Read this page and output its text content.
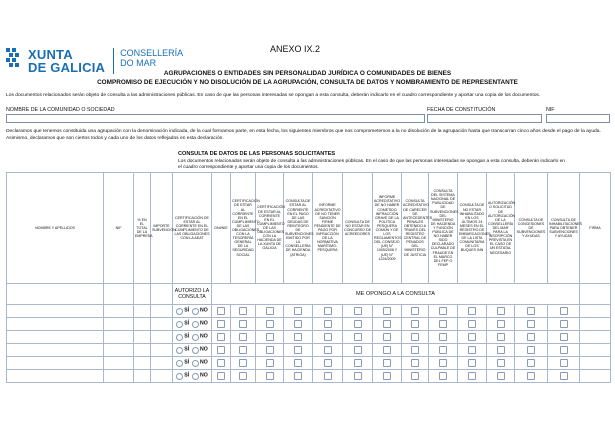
XUNTA
DE GALICIA
CONSELLERÍA
DO MAR
ANEXO IX.2
AGRUPACIONES O ENTIDADES SIN PERSONALIDAD JURÍDICA O COMUNIDADES DE BIENES
COMPROMISO DE EJECUCIÓN Y NO DISOLUCIÓN DE LA AGRUPACIÓN, CONSULTA DE DATOS Y NOMBRAMIENTO DE REPRESENTANTE
Los documentos relacionados serán objeto de consulta a las administraciones públicas. En caso de que las personas interesadas se opongan a esta consulta, deberán indicarlo en el cuadro correspondiente y aportar una copia de los documentos.
NOMBRE DE LA COMUNIDAD O SOCIEDAD	FECHA DE CONSTITUCIÓN	NIF
Declaramos que tenemos constituida una agrupación con la denominación indicada, de la cual formamos parte, en esta fecha, los siguientes miembros que nos comprometemos a la no disolución de la agrupación hasta que transcurran cinco años desde el pago de la ayuda. Asimismo, declaramos que son ciertos todos y cada uno de los datos reflejados en esta declaración.
CONSULTA DE DATOS DE LAS PERSONAS SOLICITANTES
Los documentos relacionados serán objeto de consulta a las administraciones públicas. En el caso de que las personas interesadas se opongan a esta consulta, deberán indicarlo en el cuadro correspondiente y aportar una copia de los documentos.
NOMBRE Y APELLIDOS	NIF	% EN EL TOTAL DE LA EMPRESA	IMPORTE SUBVENCIÓN	CERTIFICACIÓN DE ESTAR AL CORRIENTE EN EL CUMPLIMIENTO DE LAS OBLIGACIONES CON LA AEAT	DNI/NIE	CERTIFICACIÓN DE ESTAR AL CORRIENTE EN EL CUMPLIMIENTO DE LAS OBLIGACIONES CON LA TESORERÍA GENERAL DE LA SEGURIDAD SOCIAL	CERTIFICACIÓN DE ESTAR AL CORRIENTE EN EL CUMPLIMIENTO DE LAS OBLIGACIONES CON LA HACIENDA DE LA XUNTA DE GALICIA	CONSULTA DE ESTAR AL CORRIENTE EN EL PAGO DE LAS DEUDAS DE REINTEGRO DE SUBVENCIONES EMITIDO POR LA CONSELLERÍA DE HACIENDA (ATRIGA)	INFORME ACREDITATIVO DE NO TENER SANCIÓN FIRME PENDIENTE DE PAGO POR INFRACCIÓN DE LA NORMATIVA MARÍTIMO-PESQUERA	CONSULTA DE NO ESTAR EN CONCURSO DE ACREEDORES	INFORME ACREDITATIVO DE NO HABER COMETIDO INFRACCIÓN GRAVE DE LA POLÍTICA PESQUERA COMÚN Y DE LOS REGLAMENTOS DEL CONSEJO (UE) N° 1005/2008 Y (UE) N° 1224/2009	CONSULTA ACREDITATIVO DE CARECER DE ANTECEDENTES PENALES OBTENIDO A TRAVÉS DEL REGISTRO CENTRAL DE PENADOS DEL MINISTERIO DE JUSTICIA	CONSULTA DEL SISTEMA NACIONAL DE PUBLICIDAD DE SUBVENCIONES DEL MINISTERIO DE HACIENDA Y FUNCIÓN PÚBLICA DE NO HABER SIDO DECLARADO CULPABLE DE FRAUDE EN EL MARCO DEL FEP O FEMP	CONSULTA DE NO ESTAR INHABILITADO EN LOS ÚLTIMOS 24 MESES EN EL REGISTRO DE EMBARCACIONES DE LA LISTA COMUNITARIA DE LOS BUQUES INN	AUTORIZACIÓN O SOLICITUD DE AUTORIZACIÓN DE LA CONSELLERÍA DEL MAR PARA LA INSCRIPCIÓN PREVISTA EN EL CASO DE UN ESTATAL NECESARIO	CONSULTA DE CONCESIONES DE SUBVENCIONES Y AYUDAS	CONSULTA DE INHABILITACIONES PARA OBTENER SUBVENCIONES Y AYUDAS	FIRMA
				AUTORIZO LA CONSULTA	ME OPONGO A LA CONSULTA													
				SÍ NO														
				SÍ NO														
				SÍ NO														
				SÍ NO														
				SÍ NO														
				SÍ NO														
